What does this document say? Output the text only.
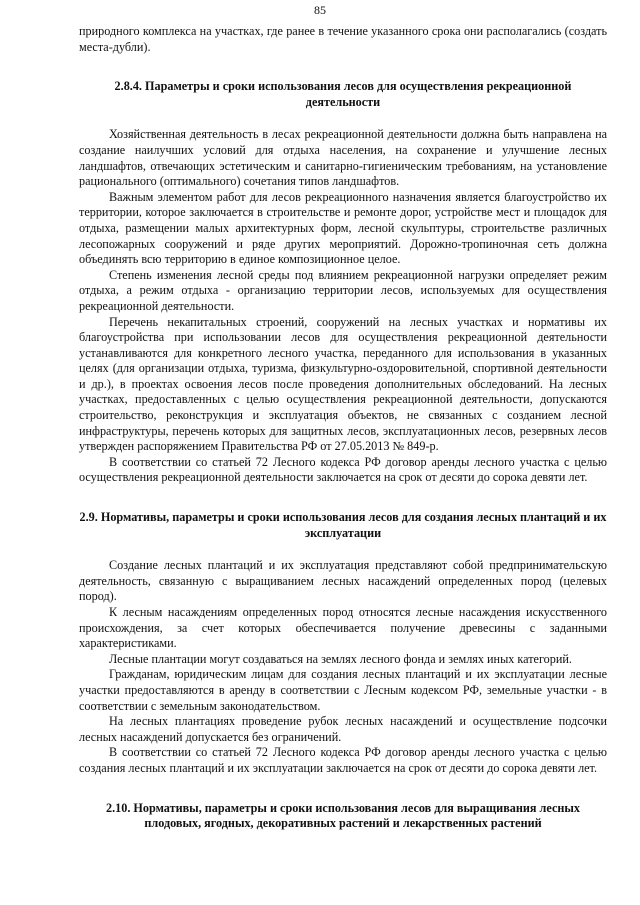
85

природного комплекса на участках, где ранее в течение указанного срока они располагались (создать места-дубли).

2.8.4. Параметры и сроки использования лесов для осуществления рекреационной деятельности

Хозяйственная деятельность в лесах рекреационной деятельности должна быть направлена на создание наилучших условий для отдыха населения, на сохранение и улучшение лесных ландшафтов, отвечающих эстетическим и санитарно-гигиеническим требованиям, на установление рационального (оптимального) сочетания типов ландшафтов.

Важным элементом работ для лесов рекреационного назначения является благоустройство их территории, которое заключается в строительстве и ремонте дорог, устройстве мест и площадок для отдыха, размещении малых архитектурных форм, лесной скульптуры, строительстве различных лесопожарных сооружений и ряде других мероприятий. Дорожно-тропиночная сеть должна объединять всю территорию в единое композиционное целое.

Степень изменения лесной среды под влиянием рекреационной нагрузки определяет режим отдыха, а режим отдыха - организацию территории лесов, используемых для осуществления рекреационной деятельности.

Перечень некапитальных строений, сооружений на лесных участках и нормативы их благоустройства при использовании лесов для осуществления рекреационной деятельности устанавливаются для конкретного лесного участка, переданного для использования в указанных целях (для организации отдыха, туризма, физкультурно-оздоровительной, спортивной деятельности и др.), в проектах освоения лесов после проведения дополнительных обследований. На лесных участках, предоставленных с целью осуществления рекреационной деятельности, допускаются строительство, реконструкция и эксплуатация объектов, не связанных с созданием лесной инфраструктуры, перечень которых для защитных лесов, эксплуатационных лесов, резервных лесов утвержден распоряжением Правительства РФ от 27.05.2013 № 849-р.

В соответствии со статьей 72 Лесного кодекса РФ договор аренды лесного участка с целью осуществления рекреационной деятельности заключается на срок от десяти до сорока девяти лет.

2.9. Нормативы, параметры и сроки использования лесов для создания лесных плантаций и их эксплуатации

Создание лесных плантаций и их эксплуатация представляют собой предпринимательскую деятельность, связанную с выращиванием лесных насаждений определенных пород (целевых пород).

К лесным насаждениям определенных пород относятся лесные насаждения искусственного происхождения, за счет которых обеспечивается получение древесины с заданными характеристиками.

Лесные плантации могут создаваться на землях лесного фонда и землях иных категорий.

Гражданам, юридическим лицам для создания лесных плантаций и их эксплуатации лесные участки предоставляются в аренду в соответствии с Лесным кодексом РФ, земельные участки - в соответствии с земельным законодательством.

На лесных плантациях проведение рубок лесных насаждений и осуществление подсочки лесных насаждений допускается без ограничений.

В соответствии со статьей 72 Лесного кодекса РФ договор аренды лесного участка с целью создания лесных плантаций и их эксплуатации заключается на срок от десяти до сорока девяти лет.

2.10. Нормативы, параметры и сроки использования лесов для выращивания лесных плодовых, ягодных, декоративных растений и лекарственных растений
